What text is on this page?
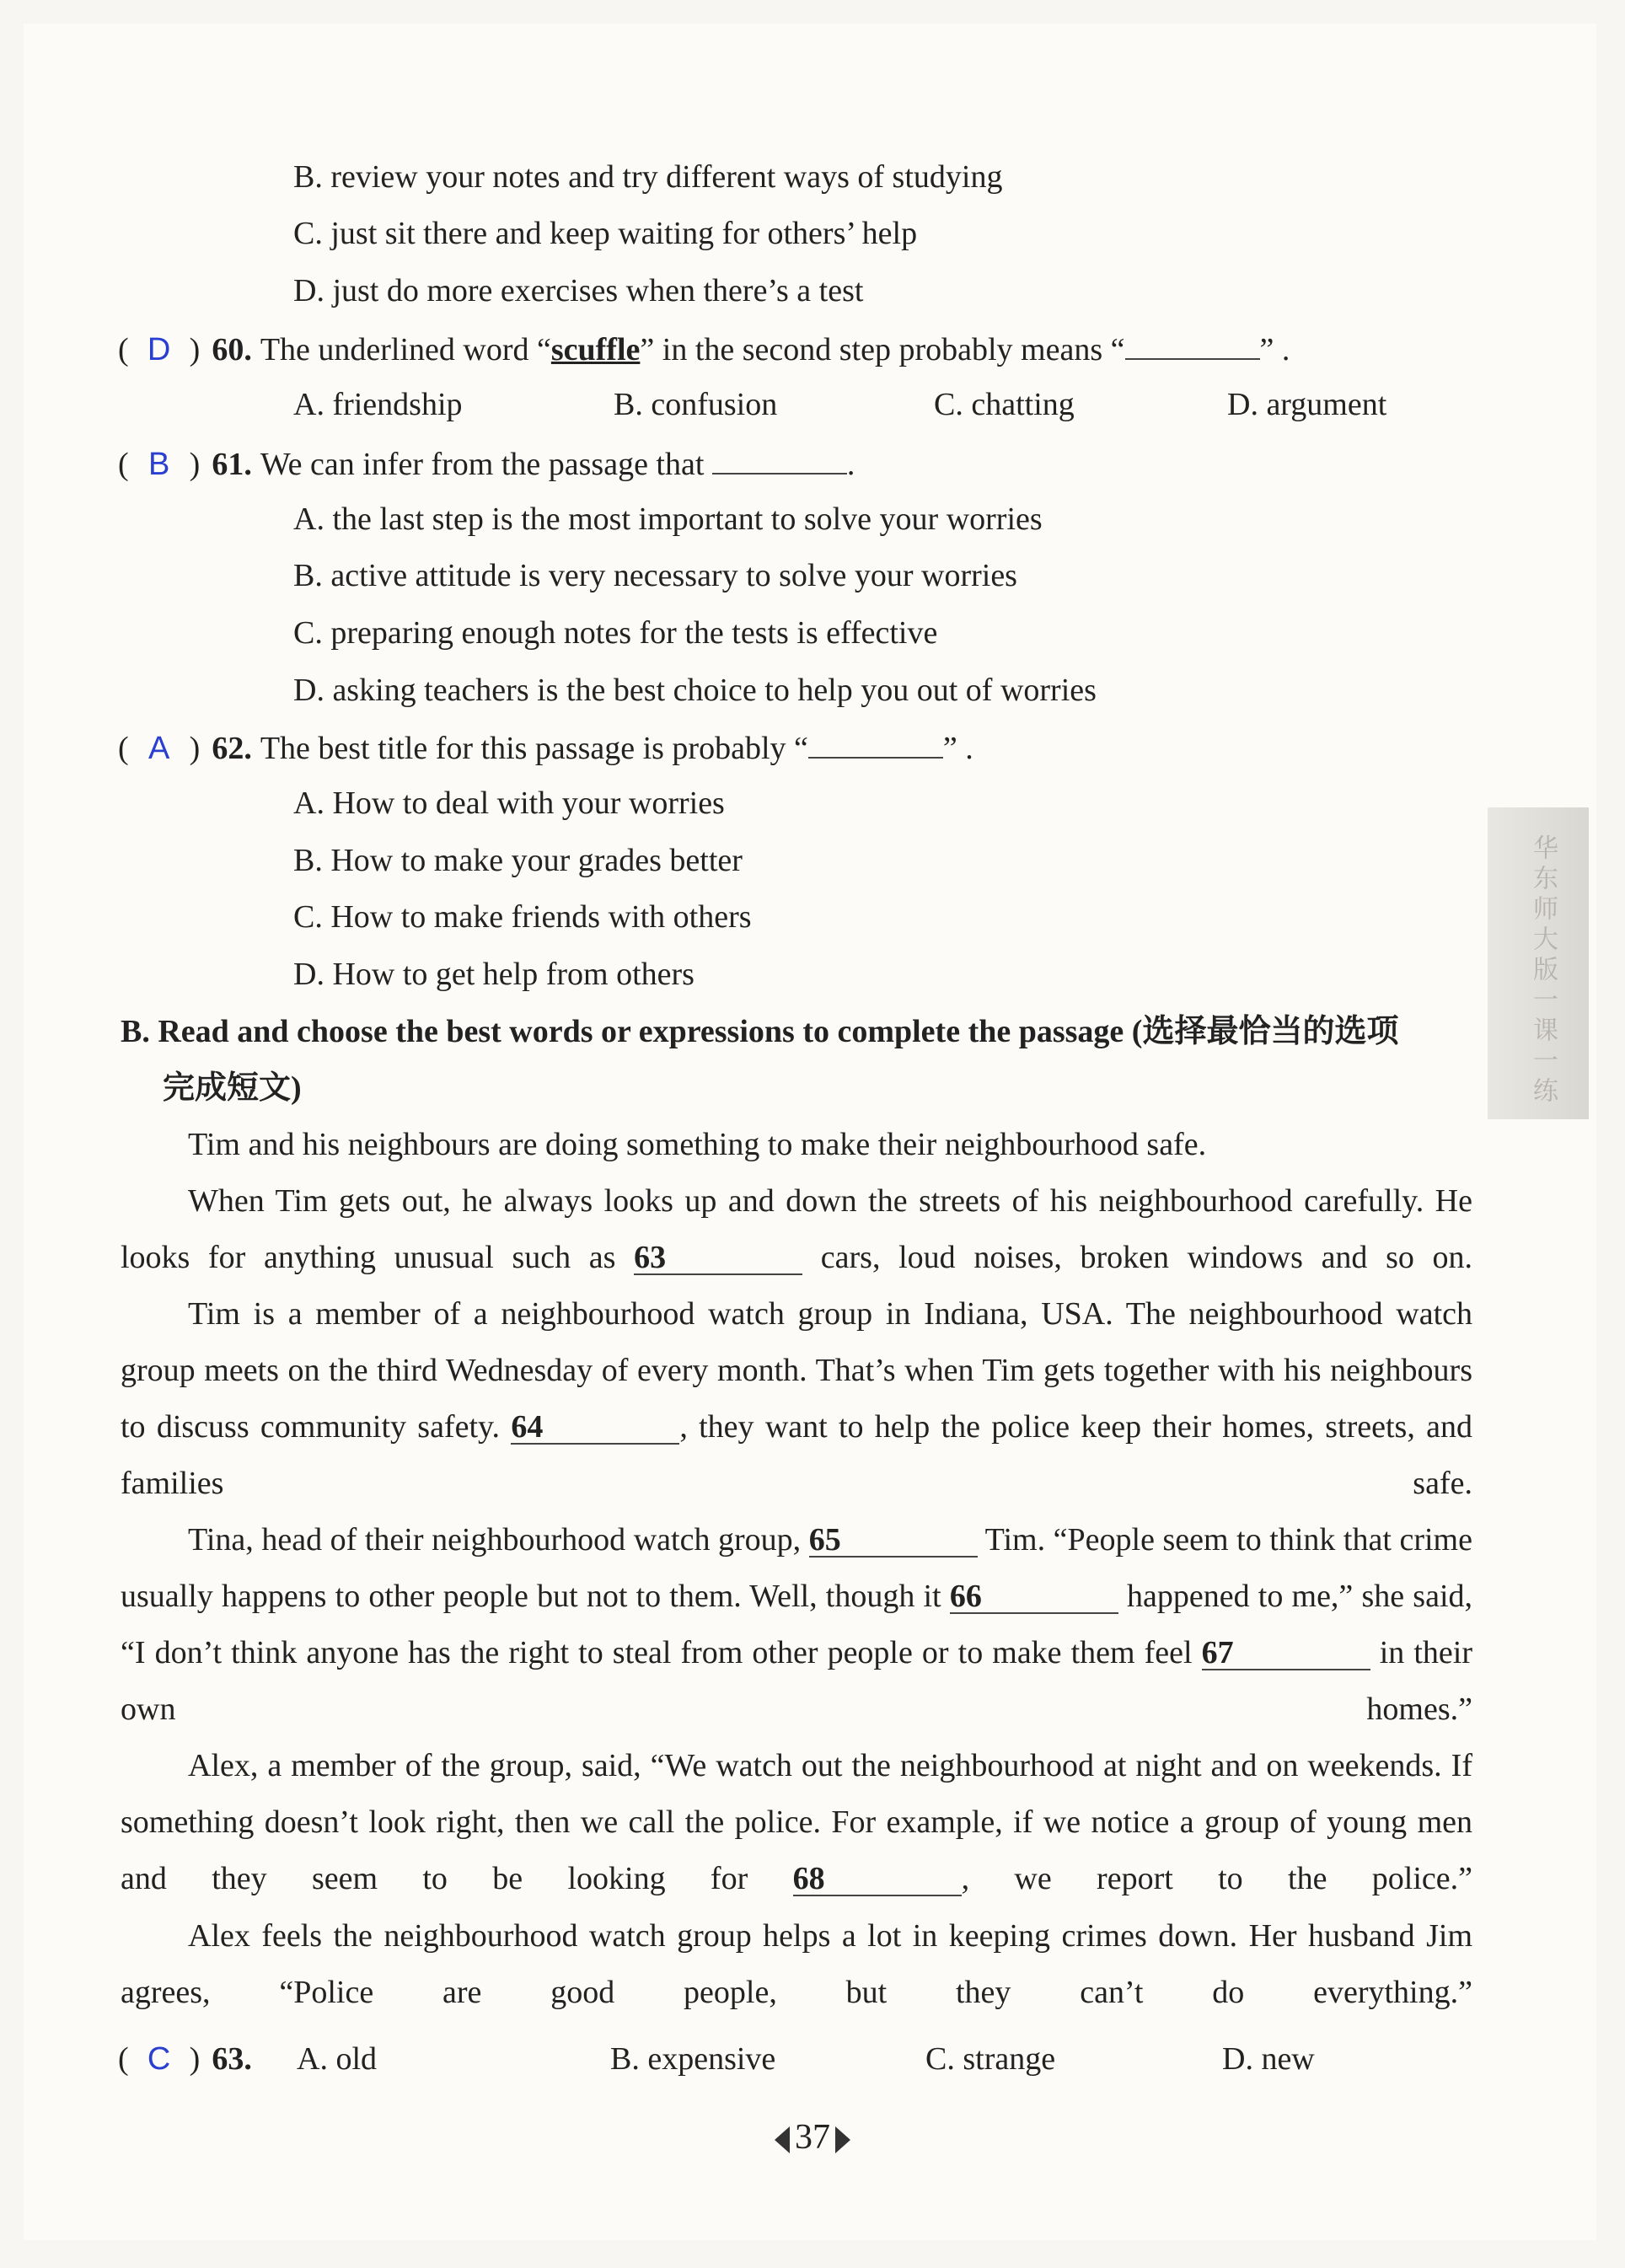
B. review your notes and try different ways of studying
C. just sit there and keep waiting for others’ help
D. just do more exercises when there’s a test
( D ) 60. The underlined word “scuffle” in the second step probably means “	” .
A. friendship	B. confusion	C. chatting	D. argument
( B ) 61. We can infer from the passage that	.
A. the last step is the most important to solve your worries
B. active attitude is very necessary to solve your worries
C. preparing enough notes for the tests is effective
D. asking teachers is the best choice to help you out of worries
( A ) 62. The best title for this passage is probably “	” .
A. How to deal with your worries
B. How to make your grades better
C. How to make friends with others
D. How to get help from others
B. Read and choose the best words or expressions to complete the passage (选择最恰当的选项
完成短文)
Tim and his neighbours are doing something to make their neighbourhood safe.
When Tim gets out, he always looks up and down the streets of his neighbourhood carefully. He looks for anything unusual such as 63	cars, loud noises, broken windows and so on.
Tim is a member of a neighbourhood watch group in Indiana, USA. The neighbourhood watch group meets on the third Wednesday of every month. That’s when Tim gets together with his neighbours to discuss community safety. 64	, they want to help the police keep their homes, streets, and families safe.
Tina, head of their neighbourhood watch group, 65	Tim. “People seem to think that crime usually happens to other people but not to them. Well, though it 66	happened to me,” she said, “I don’t think anyone has the right to steal from other people or to make them feel 67	in their own homes.”
Alex, a member of the group, said, “We watch out the neighbourhood at night and on weekends. If something doesn’t look right, then we call the police. For example, if we notice a group of young men and they seem to be looking for 68	, we report to the police.”
Alex feels the neighbourhood watch group helps a lot in keeping crimes down. Her husband Jim agrees, “Police are good people, but they can’t do everything.”
( C ) 63. A. old	B. expensive	C. strange	D. new
华东师大版一课一练
37
